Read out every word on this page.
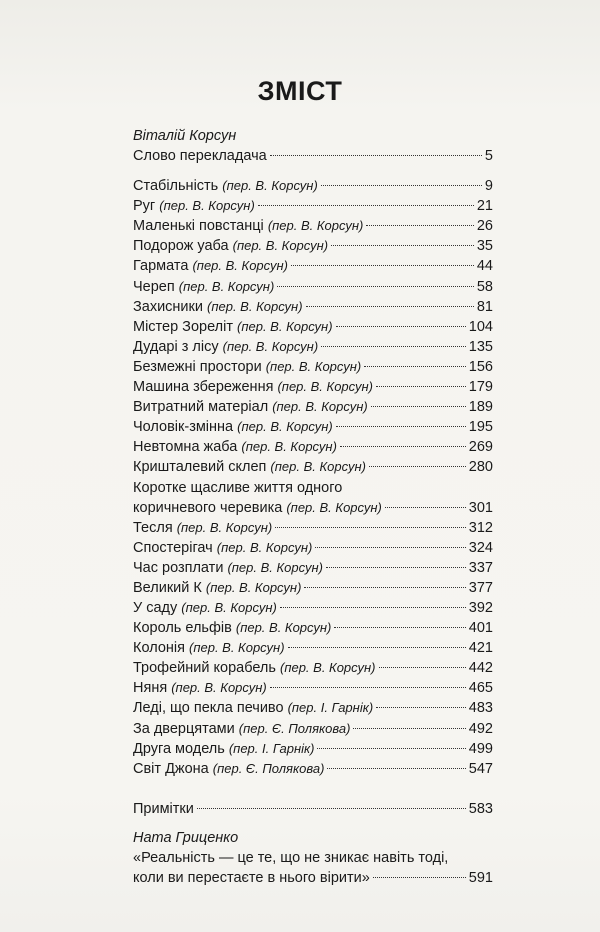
ЗМІСТ
Віталій Корсун
Слово перекладача	5
Стабільність (пер. В. Корсун)	9
Руг (пер. В. Корсун)	21
Маленькі повстанці (пер. В. Корсун)	26
Подорож уаба (пер. В. Корсун)	35
Гармата (пер. В. Корсун)	44
Череп (пер. В. Корсун)	58
Захисники (пер. В. Корсун)	81
Містер Зореліт (пер. В. Корсун)	104
Дударі з лісу (пер. В. Корсун)	135
Безмежні простори (пер. В. Корсун)	156
Машина збереження (пер. В. Корсун)	179
Витратний матеріал (пер. В. Корсун)	189
Чоловік-змінна (пер. В. Корсун)	195
Невтомна жаба (пер. В. Корсун)	269
Кришталевий склеп (пер. В. Корсун)	280
Коротке щасливе життя одного
коричневого черевика (пер. В. Корсун)	301
Тесля (пер. В. Корсун)	312
Спостерігач (пер. В. Корсун)	324
Час розплати (пер. В. Корсун)	337
Великий К (пер. В. Корсун)	377
У саду (пер. В. Корсун)	392
Король ельфів (пер. В. Корсун)	401
Колонія (пер. В. Корсун)	421
Трофейний корабель (пер. В. Корсун)	442
Няня (пер. В. Корсун)	465
Леді, що пекла печиво (пер. І. Гарнік)	483
За дверцятами (пер. Є. Полякова)	492
Друга модель (пер. І. Гарнік)	499
Світ Джона (пер. Є. Полякова)	547
Примітки	583
Ната Гриценко
«Реальність — це те, що не зникає навіть тоді,
коли ви перестаєте в нього вірити»	591
